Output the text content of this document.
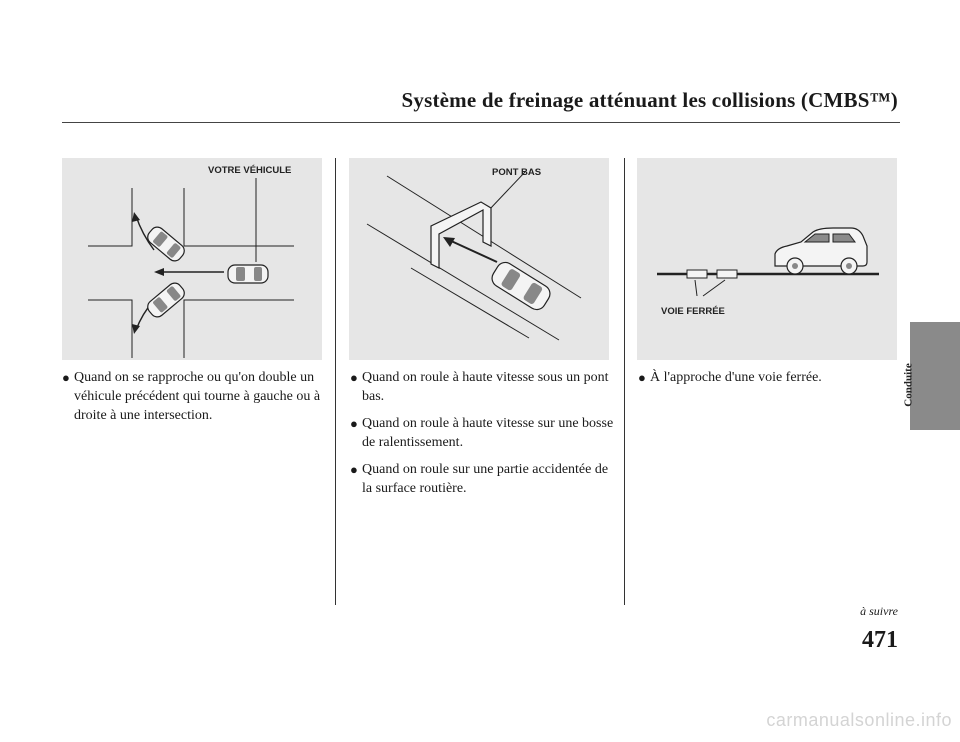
Système de freinage atténuant les collisions (CMBS™)
VOTRE VÉHICULE	PONT BAS
VOIE FERRÉE
● Quand on se rapproche ou qu'on double un véhicule précédent qui tourne à gauche ou à droite à une intersection.
● Quand on roule à haute vitesse sous un pont bas.
● Quand on roule à haute vitesse sur une bosse de ralentissement.
● Quand on roule sur une partie accidentée de la surface routière.
● À l'approche d'une voie ferrée.	Conduite
à suivre
471
carmanualsonline.info
